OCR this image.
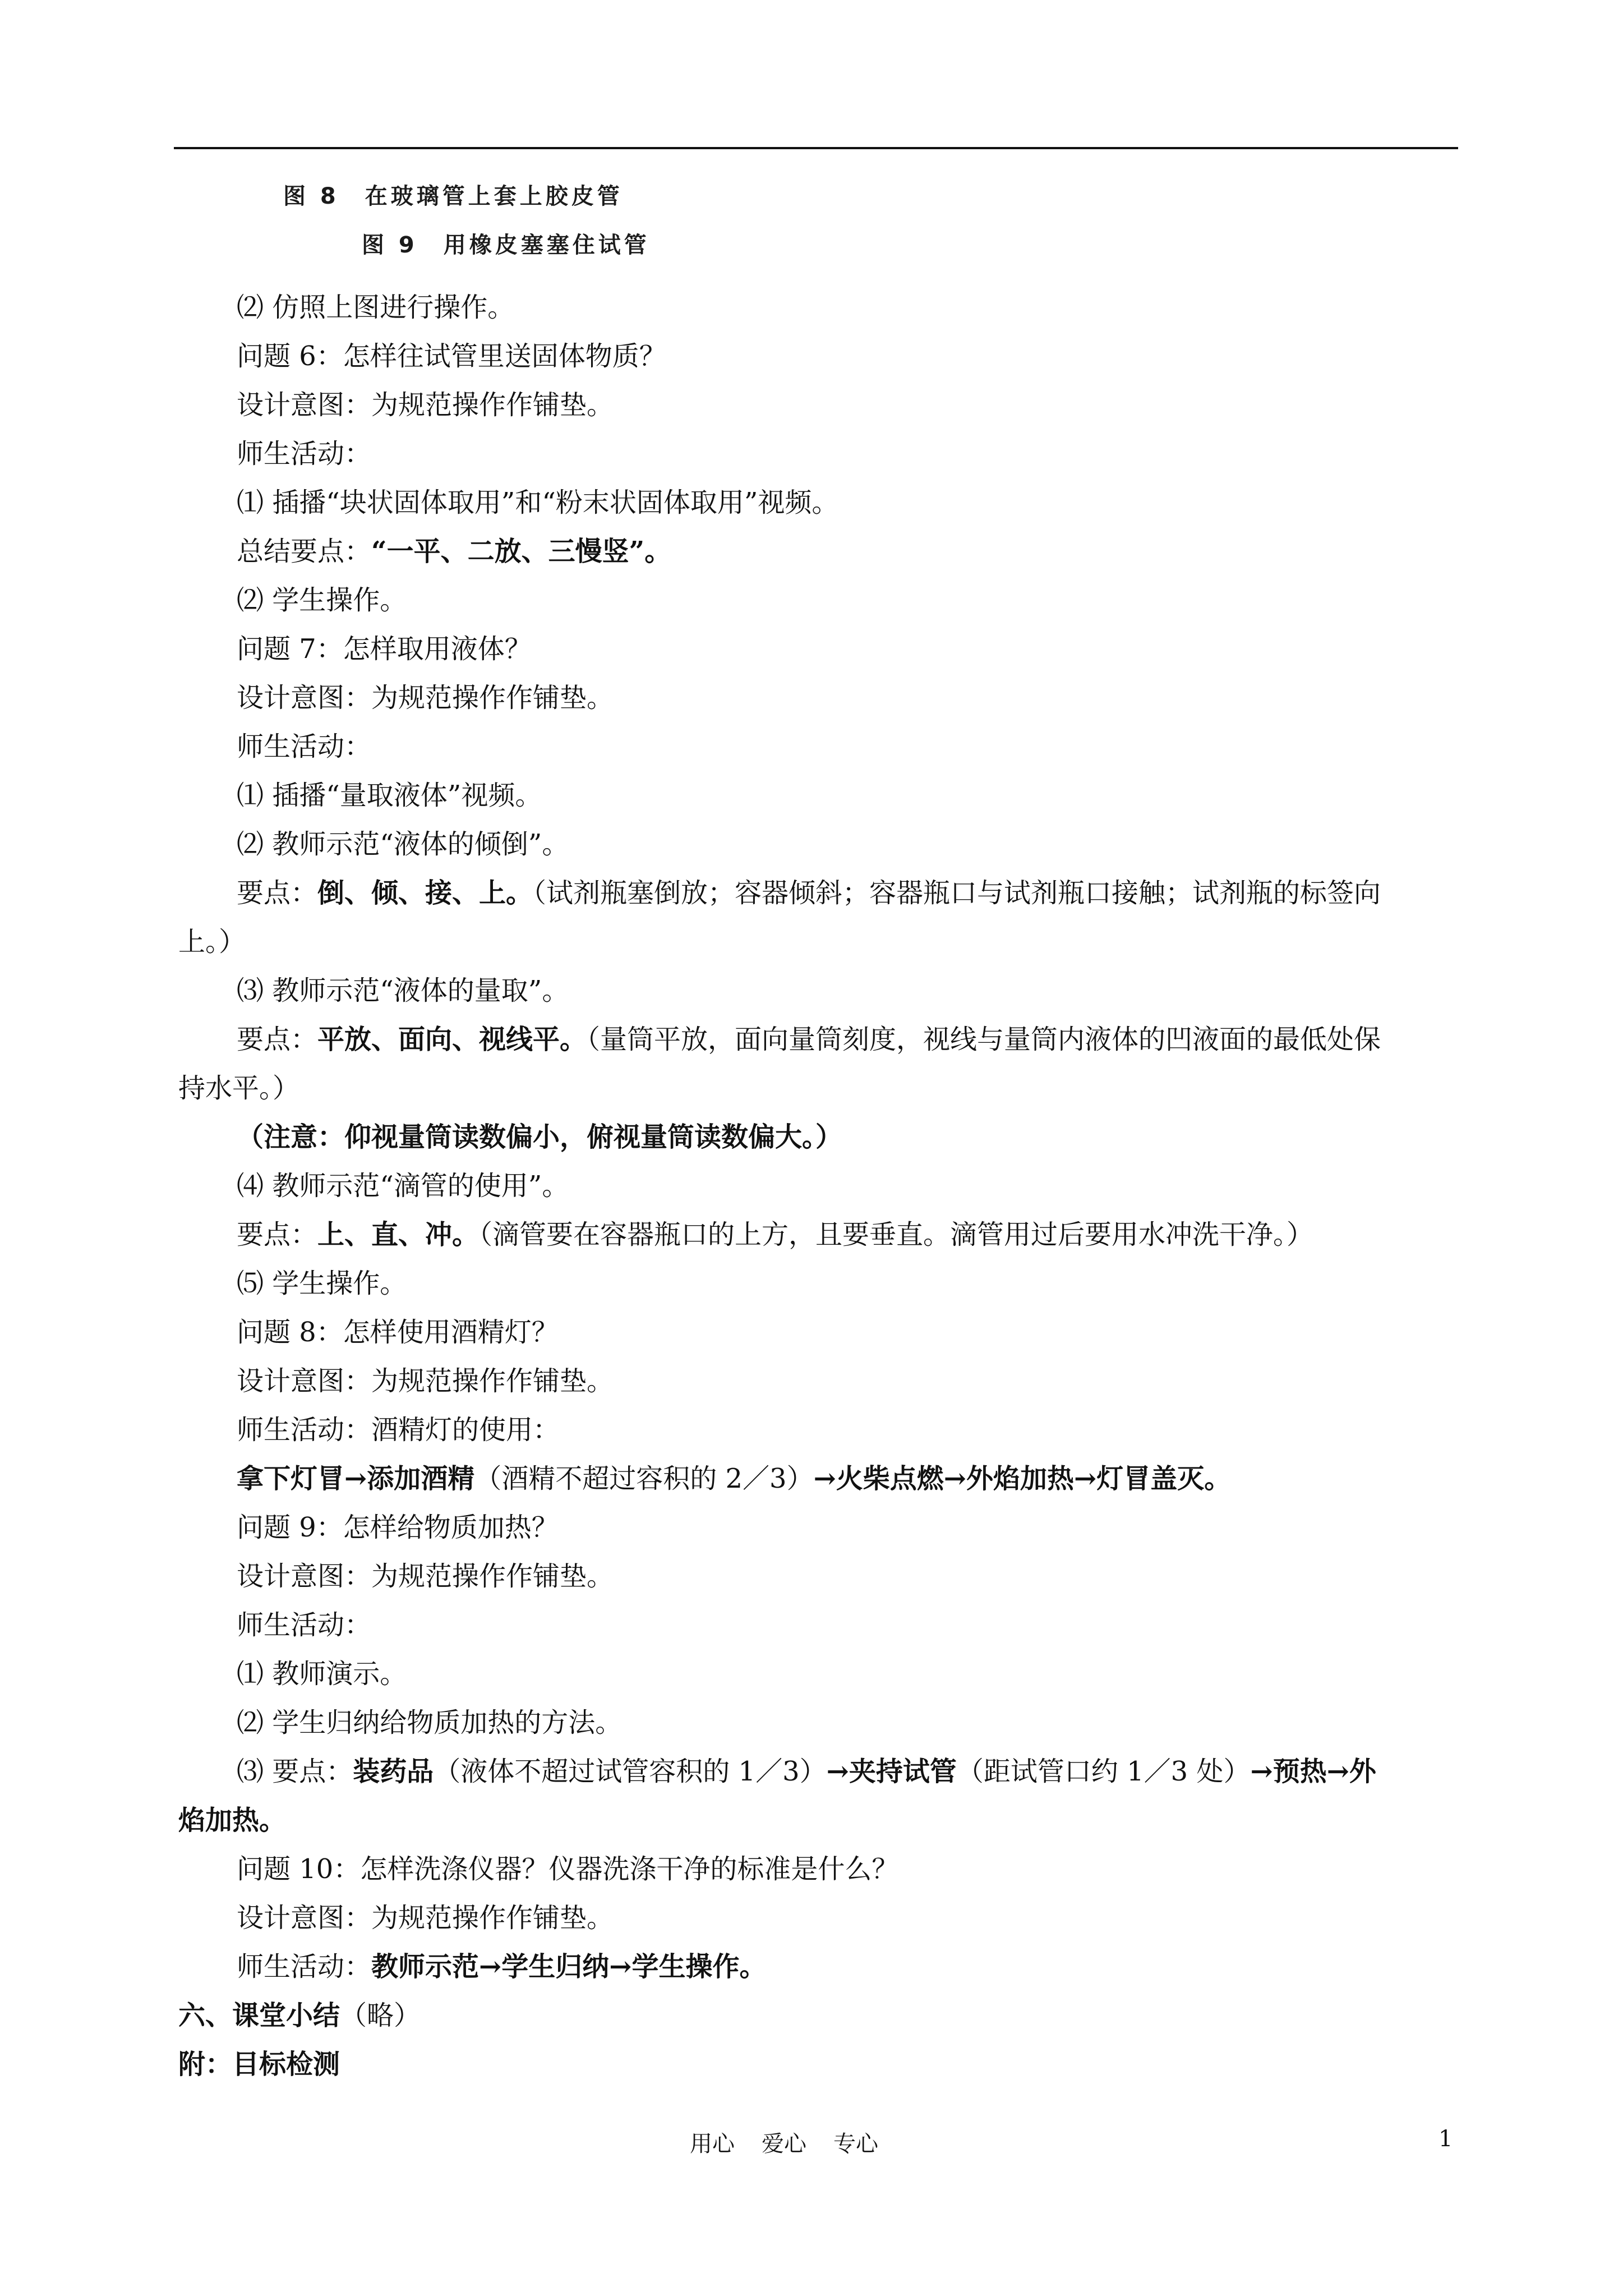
图 8　在玻璃管上套上胶皮管
图 9　用橡皮塞塞住试管
⑵ 仿照上图进行操作。
问题 6：怎样往试管里送固体物质？
设计意图：为规范操作作铺垫。
师生活动：
⑴ 插播“块状固体取用”和“粉末状固体取用”视频。
总结要点：“一平、二放、三慢竖”。
⑵ 学生操作。
问题 7：怎样取用液体？
设计意图：为规范操作作铺垫。
师生活动：
⑴ 插播“量取液体”视频。
⑵ 教师示范“液体的倾倒”。
要点：倒、倾、接、上。（试剂瓶塞倒放；容器倾斜；容器瓶口与试剂瓶口接触；试剂瓶的标签向
上。）
⑶ 教师示范“液体的量取”。
要点：平放、面向、视线平。（量筒平放，面向量筒刻度，视线与量筒内液体的凹液面的最低处保
持水平。）
（注意：仰视量筒读数偏小，俯视量筒读数偏大。）
⑷ 教师示范“滴管的使用”。
要点：上、直、冲。（滴管要在容器瓶口的上方，且要垂直。滴管用过后要用水冲洗干净。）
⑸ 学生操作。
问题 8：怎样使用酒精灯？
设计意图：为规范操作作铺垫。
师生活动：酒精灯的使用：
拿下灯冒→添加酒精（酒精不超过容积的 2／3）→火柴点燃→外焰加热→灯冒盖灭。
问题 9：怎样给物质加热？
设计意图：为规范操作作铺垫。
师生活动：
⑴ 教师演示。
⑵ 学生归纳给物质加热的方法。
⑶ 要点：装药品（液体不超过试管容积的 1／3）→夹持试管（距试管口约 1／3 处）→预热→外
焰加热。
问题 10：怎样洗涤仪器？仪器洗涤干净的标准是什么？
设计意图：为规范操作作铺垫。
师生活动：教师示范→学生归纳→学生操作。
六、课堂小结（略）
附：目标检测
用心 爱心 专心	1
